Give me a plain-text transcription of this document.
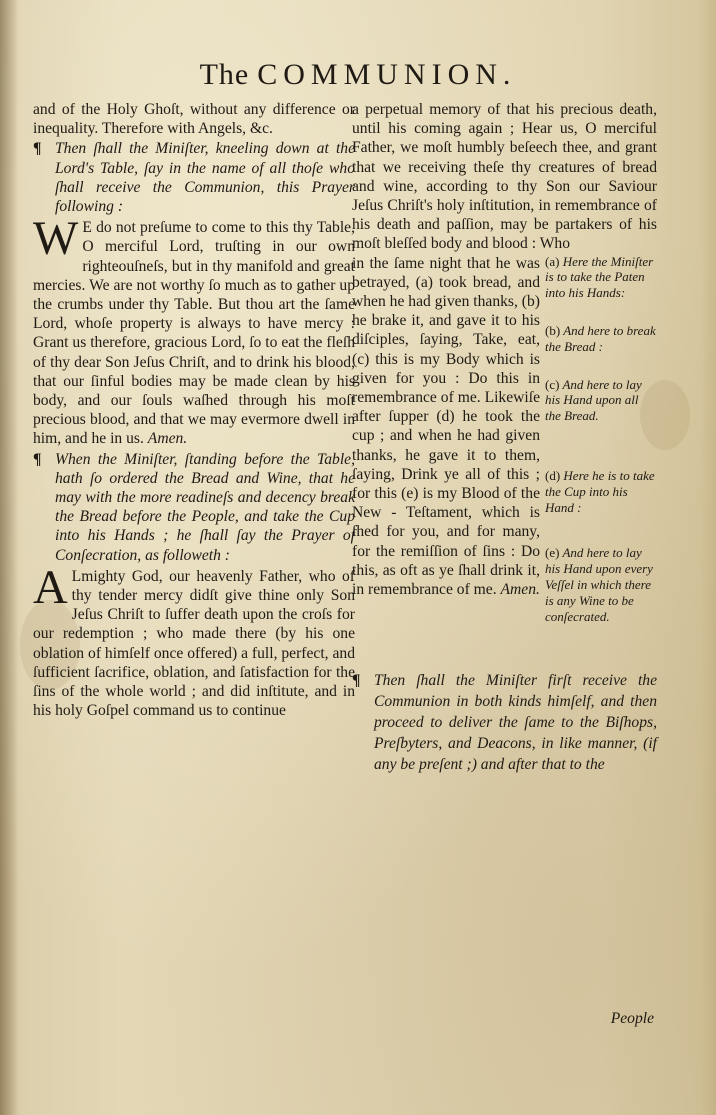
The COMMUNION.

and of the Holy Ghoſt, without any difference or inequality. Therefore with Angels, &c.

¶ Then ſhall the Miniſter, kneeling down at the Lord's Table, ſay in the name of all thoſe who ſhall receive the Communion, this Prayer following :

W E do not preſume to come to this thy Table, O merciful Lord, truſting in our own righteouſneſs, but in thy manifold and great mercies. We are not worthy ſo much as to gather up the crumbs under thy Table. But thou art the ſame Lord, whoſe property is always to have mercy : Grant us therefore, gracious Lord, ſo to eat the fleſh of thy dear Son Jeſus Chriſt, and to drink his blood, that our ſinful bodies may be made clean by his body, and our ſouls waſhed through his moſt precious blood, and that we may evermore dwell in him, and he in us. Amen.

¶ When the Miniſter, ſtanding before the Table, hath ſo ordered the Bread and Wine, that he may with the more readineſs and decency break the Bread before the People, and take the Cup into his Hands ; he ſhall ſay the Prayer of Conſecration, as followeth :

A Lmighty God, our heavenly Father, who of thy tender mercy didſt give thine only Son Jeſus Chriſt to ſuffer death upon the croſs for our redemption ; who made there (by his one oblation of himſelf once offered) a full, perfect, and ſufficient ſacrifice, oblation, and ſatisfaction for the ſins of the whole world ; and did inſtitute, and in his holy Goſpel command us to continue

a perpetual memory of that his precious death, until his coming again ; Hear us, O merciful Father, we moſt humbly beſeech thee, and grant that we receiving theſe thy creatures of bread and wine, according to thy Son our Saviour Jeſus Chriſt's holy inſtitution, in remembrance of his death and paſſion, may be partakers of his moſt bleſſed body and blood : Who

in the ſame night that he was betrayed, (a) took bread, and when he had given thanks, (b) he brake it, and gave it to his diſciples, ſaying, Take, eat, (c) this is my Body which is given for you : Do this in remembrance of me. Likewiſe after ſupper (d) he took the cup ; and when he had given thanks, he gave it to them, ſaying, Drink ye all of this ; for this (e) is my Blood of the New - Teſtament, which is ſhed for you, and for many, for the remiſſion of ſins : Do this, as oft as ye ſhall drink it, in remembrance of me. Amen.

(a) Here the Miniſter is to take the Paten into his Hands:
(b) And here to break the Bread :
(c) And here to lay his Hand upon all the Bread.
(d) Here he is to take the Cup into his Hand :
(e) And here to lay his Hand upon every Veſſel in which there is any Wine to be conſecrated.

¶ Then ſhall the Miniſter firſt receive the Communion in both kinds himſelf, and then proceed to deliver the ſame to the Biſhops, Preſbyters, and Deacons, in like manner, (if any be preſent ;) and after that to the

People
